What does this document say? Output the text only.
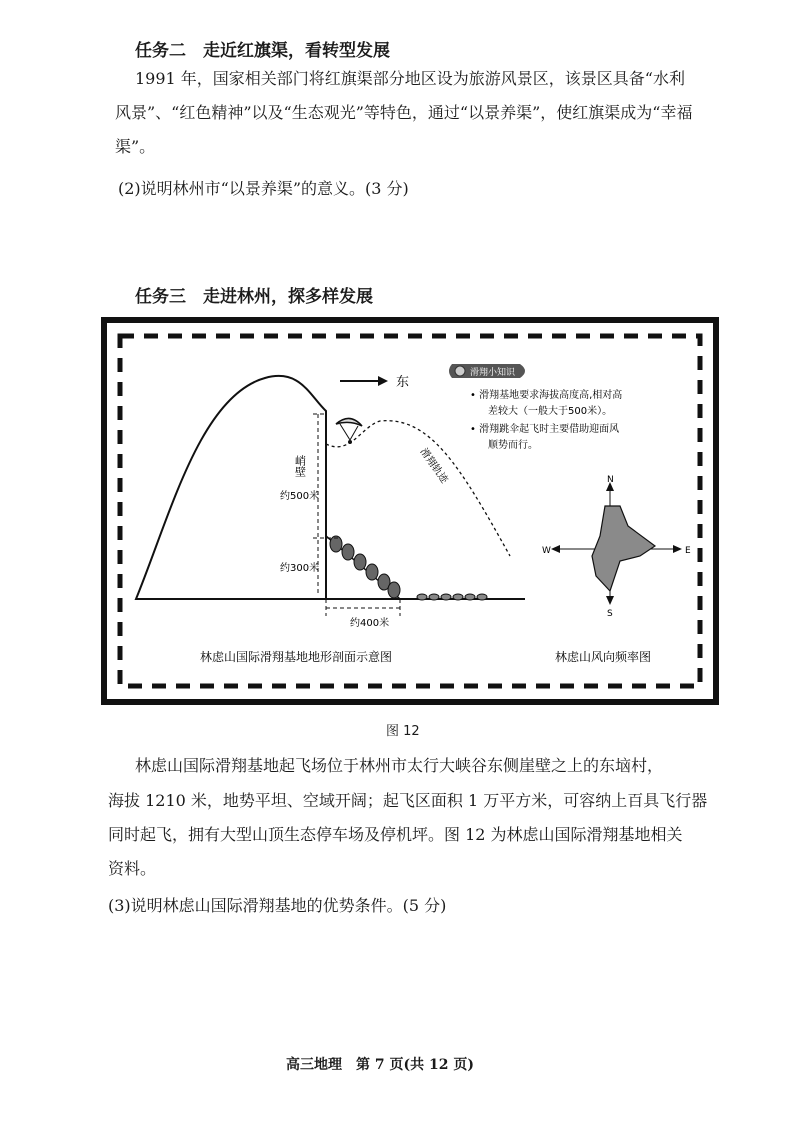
任务二　走近红旗渠，看转型发展
1991 年，国家相关部门将红旗渠部分地区设为旅游风景区，该景区具备“水利
风景”、“红色精神”以及“生态观光”等特色，通过“以景养渠”，使红旗渠成为“幸福
渠”。
(2)说明林州市“以景养渠”的意义。(3 分)
任务三　走进林州，探多样发展
峭壁
约500米
约300米
约400米
东
滑翔轨迹
滑翔小知识
• 滑翔基地要求海拔高度高,相对高
差较大（一般大于500米）。
• 滑翔跳伞起飞时主要借助迎面风
顺势而行。
N
S
E
W
林虑山国际滑翔基地地形剖面示意图	林虑山风向频率图
图 12
林虑山国际滑翔基地起飞场位于林州市太行大峡谷东侧崖壁之上的东垴村，
海拔 1210 米，地势平坦、空域开阔；起飞区面积 1 万平方米，可容纳上百具飞行器
同时起飞，拥有大型山顶生态停车场及停机坪。图 12 为林虑山国际滑翔基地相关
资料。
(3)说明林虑山国际滑翔基地的优势条件。(5 分)
高三地理　第 7 页(共 12 页)
